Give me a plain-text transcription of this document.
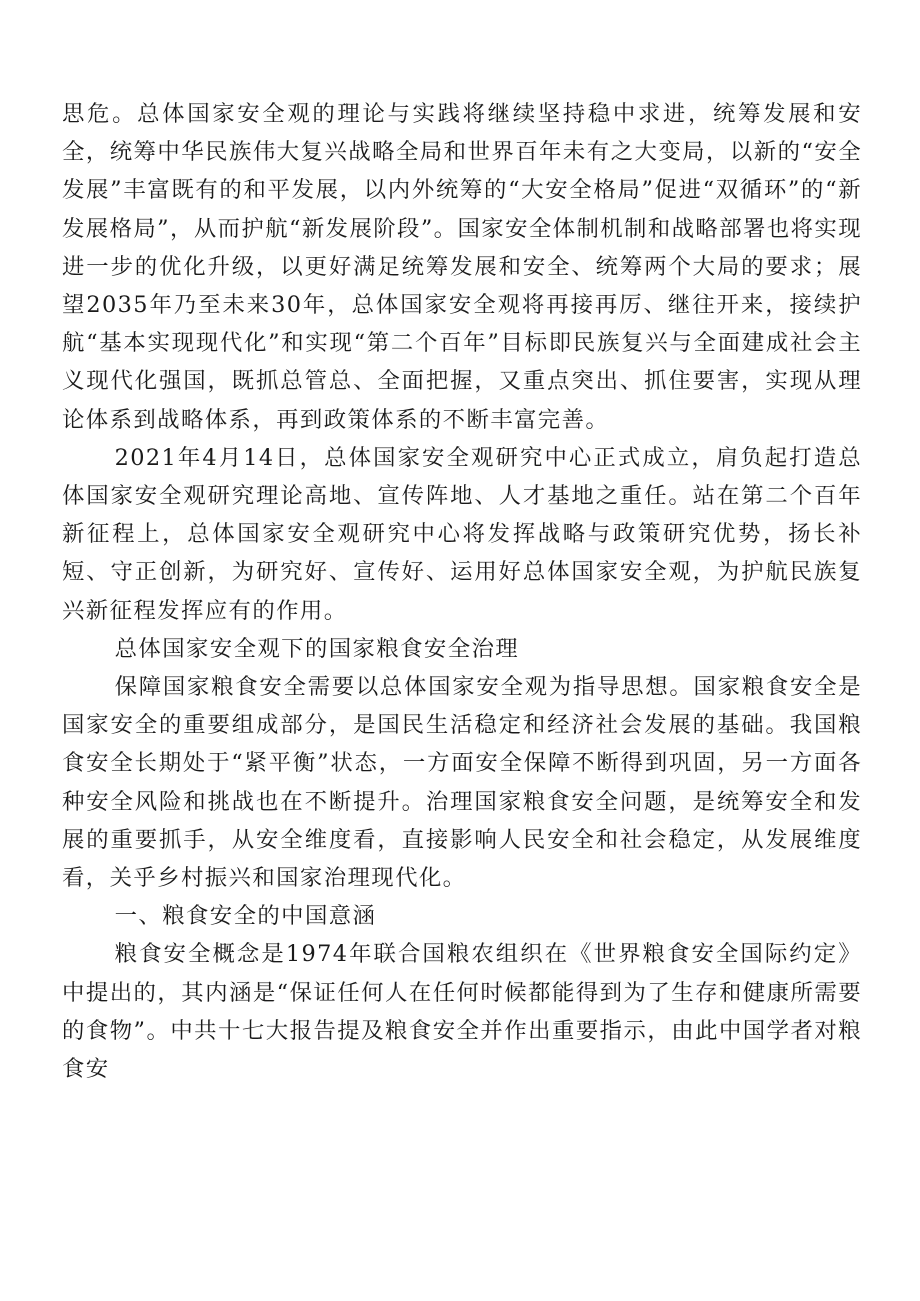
思危。总体国家安全观的理论与实践将继续坚持稳中求进，统筹发展和安全，统筹中华民族伟大复兴战略全局和世界百年未有之大变局，以新的“安全发展”丰富既有的和平发展，以内外统筹的“大安全格局”促进“双循环”的“新发展格局”，从而护航“新发展阶段”。国家安全体制机制和战略部署也将实现进一步的优化升级，以更好满足统筹发展和安全、统筹两个大局的要求；展望2035年乃至未来30年，总体国家安全观将再接再厉、继往开来，接续护航“基本实现现代化”和实现“第二个百年”目标即民族复兴与全面建成社会主义现代化强国，既抓总管总、全面把握，又重点突出、抓住要害，实现从理论体系到战略体系，再到政策体系的不断丰富完善。

2021年4月14日，总体国家安全观研究中心正式成立，肩负起打造总体国家安全观研究理论高地、宣传阵地、人才基地之重任。站在第二个百年新征程上，总体国家安全观研究中心将发挥战略与政策研究优势，扬长补短、守正创新，为研究好、宣传好、运用好总体国家安全观，为护航民族复兴新征程发挥应有的作用。

总体国家安全观下的国家粮食安全治理

保障国家粮食安全需要以总体国家安全观为指导思想。国家粮食安全是国家安全的重要组成部分，是国民生活稳定和经济社会发展的基础。我国粮食安全长期处于“紧平衡”状态，一方面安全保障不断得到巩固，另一方面各种安全风险和挑战也在不断提升。治理国家粮食安全问题，是统筹安全和发展的重要抓手，从安全维度看，直接影响人民安全和社会稳定，从发展维度看，关乎乡村振兴和国家治理现代化。

一、粮食安全的中国意涵

粮食安全概念是1974年联合国粮农组织在《世界粮食安全国际约定》中提出的，其内涵是“保证任何人在任何时候都能得到为了生存和健康所需要的食物”。中共十七大报告提及粮食安全并作出重要指示，由此中国学者对粮食安
